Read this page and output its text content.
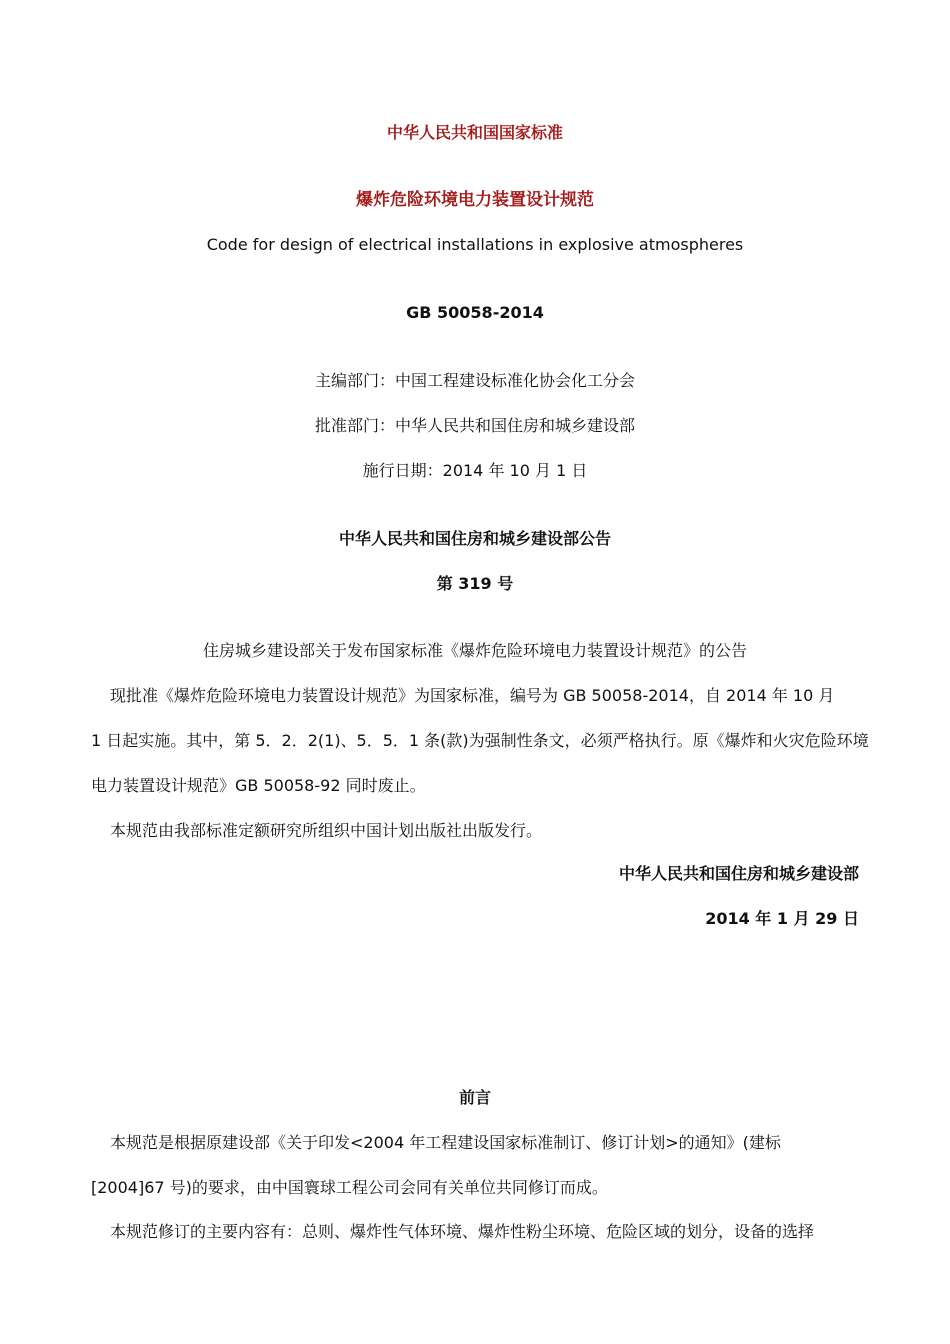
中华人民共和国国家标准
爆炸危险环境电力装置设计规范
Code for design of electrical installations in explosive atmospheres
GB 50058-2014
主编部门：中国工程建设标准化协会化工分会
批准部门：中华人民共和国住房和城乡建设部
施行日期：2014 年 10 月 1 日
中华人民共和国住房和城乡建设部公告
第 319 号
住房城乡建设部关于发布国家标准《爆炸危险环境电力装置设计规范》的公告
现批准《爆炸危险环境电力装置设计规范》为国家标准，编号为 GB 50058-2014，自 2014 年 10 月
1 日起实施。其中，第 5．2．2(1)、5．5．1 条(款)为强制性条文，必须严格执行。原《爆炸和火灾危险环境
电力装置设计规范》GB 50058-92 同时废止。
本规范由我部标准定额研究所组织中国计划出版社出版发行。
中华人民共和国住房和城乡建设部
2014 年 1 月 29 日
前言
本规范是根据原建设部《关于印发<2004 年工程建设国家标准制订、修订计划>的通知》(建标
[2004]67 号)的要求，由中国寰球工程公司会同有关单位共同修订而成。
本规范修订的主要内容有：总则、爆炸性气体环境、爆炸性粉尘环境、危险区域的划分，设备的选择
